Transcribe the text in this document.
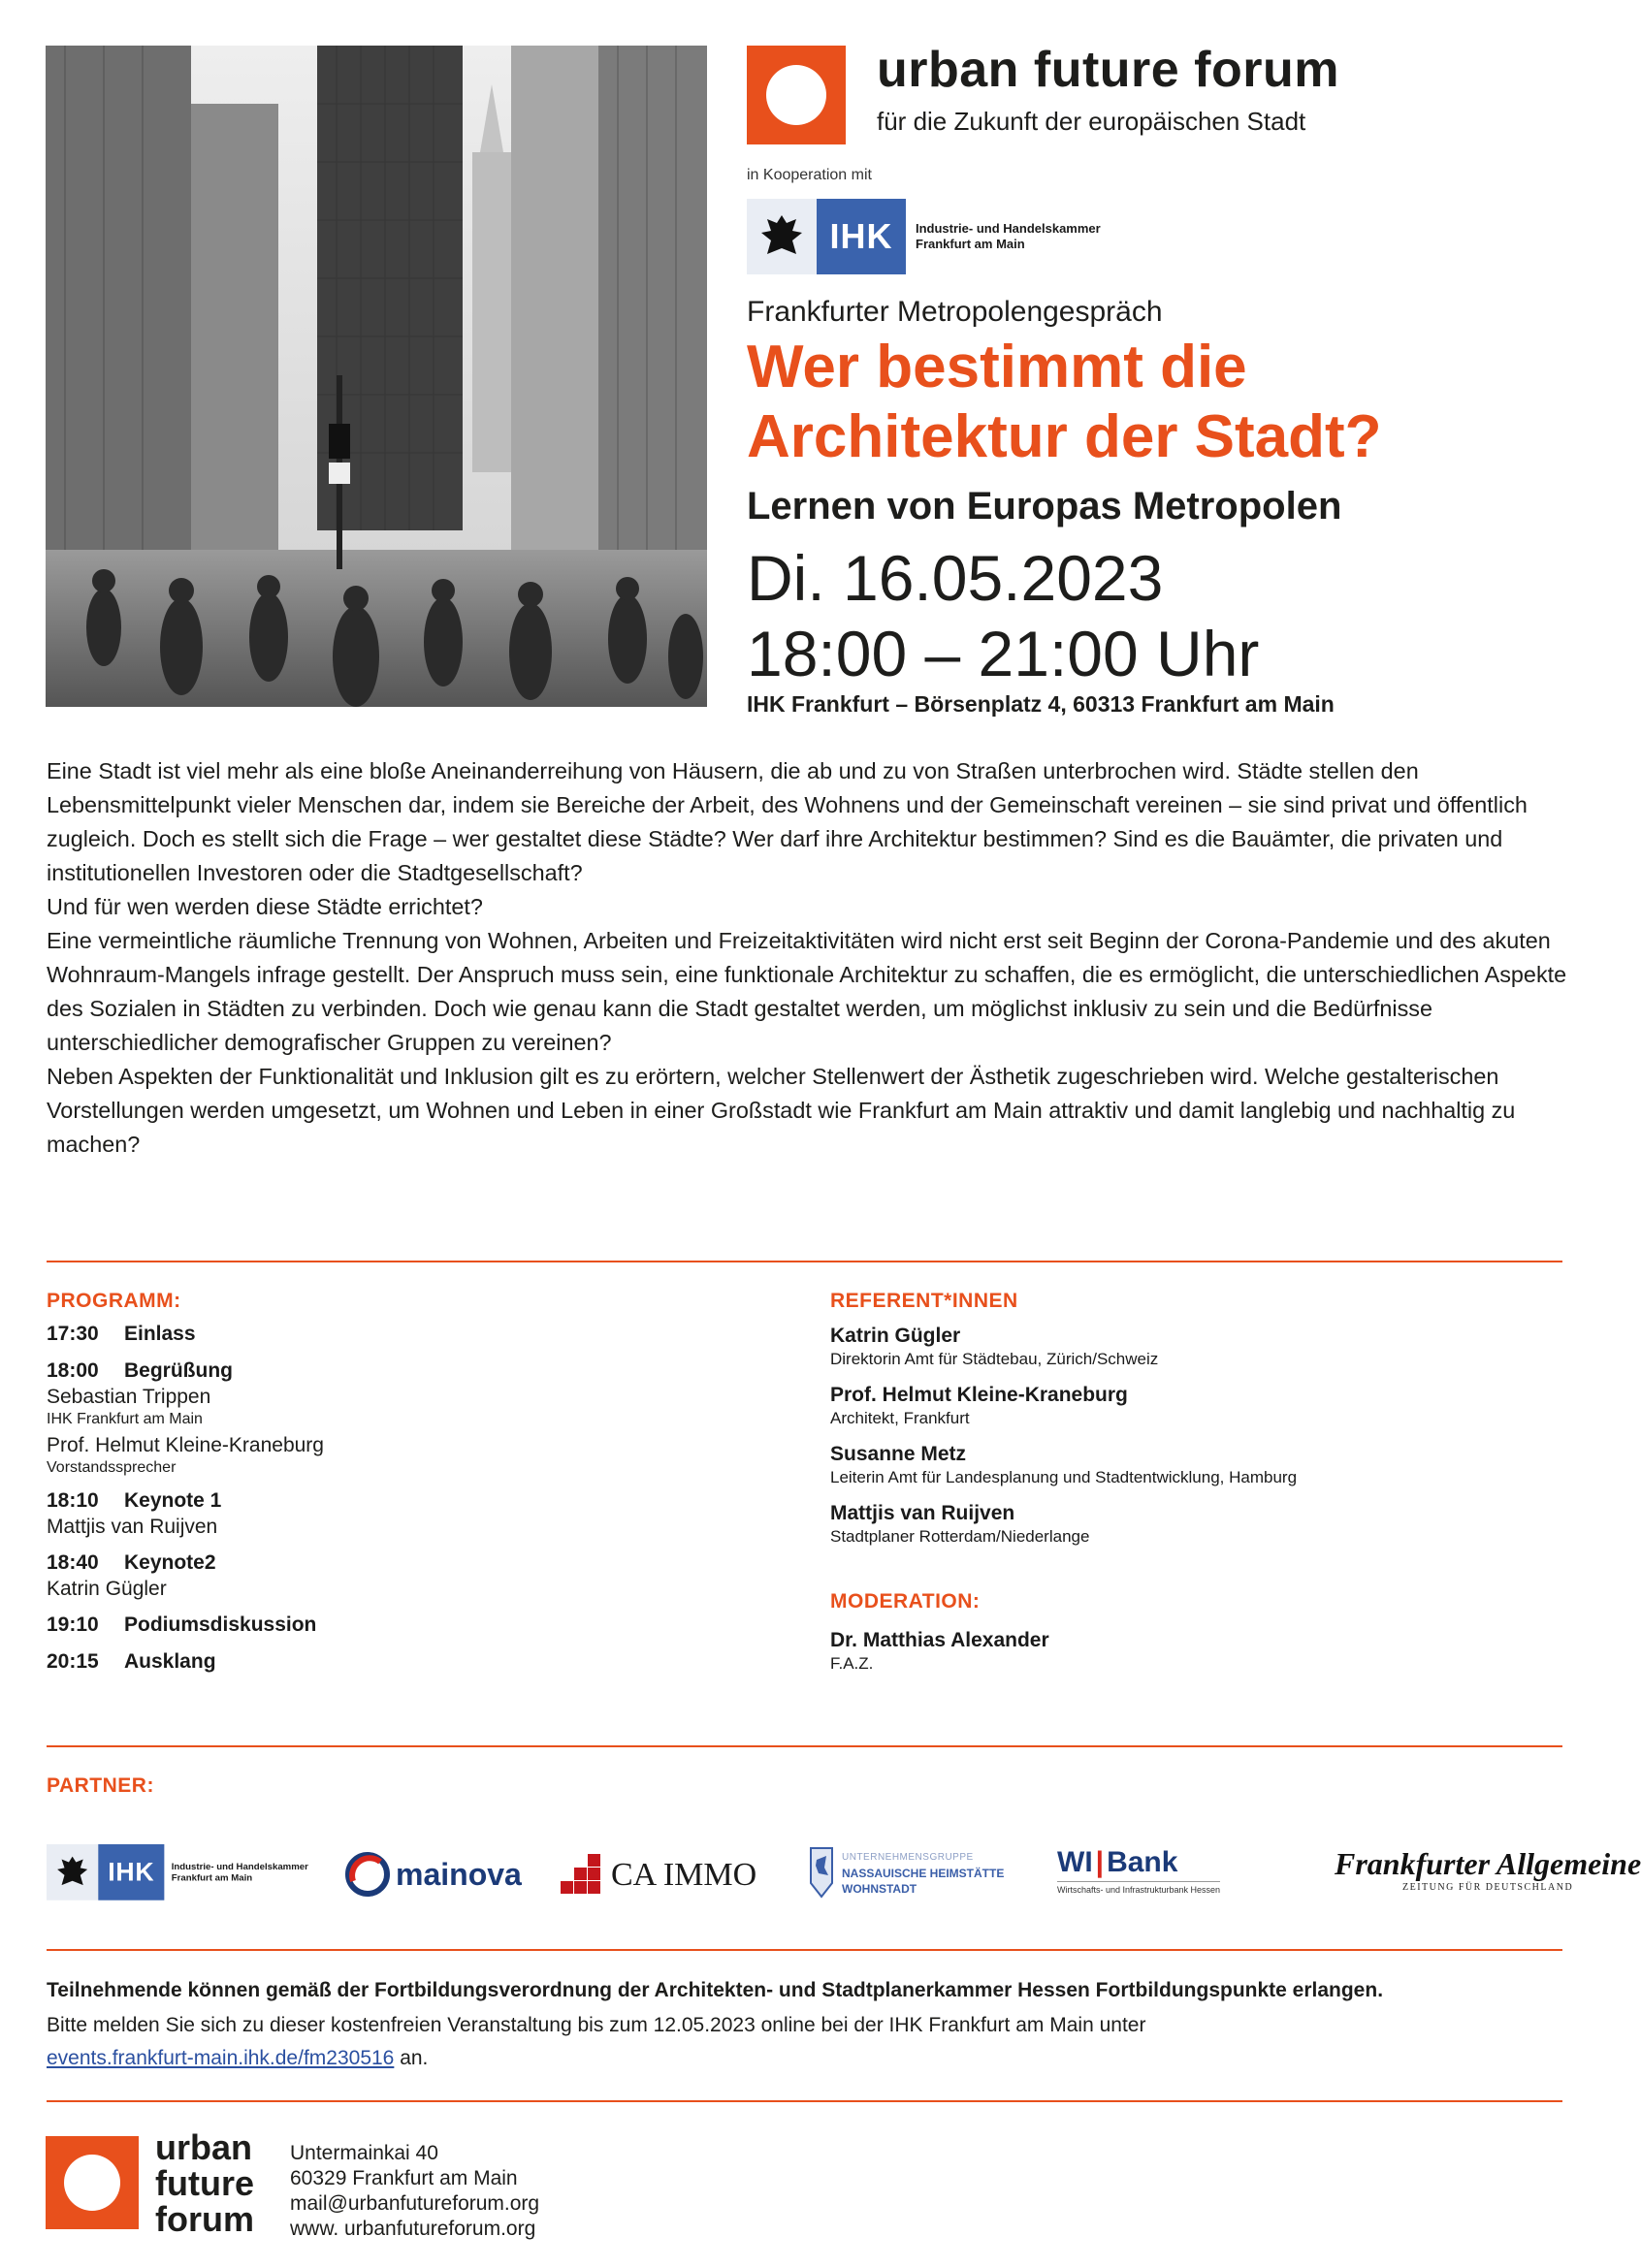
urban future forum
für die Zukunft der europäischen Stadt
in Kooperation mit
IHK	Industrie- und Handelskammer
Frankfurt am Main
Frankfurter Metropolengespräch
Wer bestimmt die
Architektur der Stadt?
Lernen von Europas Metropolen
Di. 16.05.2023
18:00 – 21:00 Uhr
IHK Frankfurt – Börsenplatz 4, 60313 Frankfurt am Main

Eine Stadt ist viel mehr als eine bloße Aneinanderreihung von Häusern, die ab und zu von Straßen unterbrochen wird. Städte stellen den Lebensmittelpunkt vieler Menschen dar, indem sie Bereiche der Arbeit, des Wohnens und der Gemeinschaft vereinen – sie sind privat und öffentlich zugleich. Doch es stellt sich die Frage – wer gestaltet diese Städte? Wer darf ihre Architektur bestimmen? Sind es die Bauämter, die privaten und institutionellen Investoren oder die Stadtgesellschaft?

Und für wen werden diese Städte errichtet?

Eine vermeintliche räumliche Trennung von Wohnen, Arbeiten und Freizeitaktivitäten wird nicht erst seit Beginn der Corona-Pandemie und des akuten Wohnraum-Mangels infrage gestellt. Der Anspruch muss sein, eine funktionale Architektur zu schaffen, die es ermöglicht, die unterschiedlichen Aspekte des Sozialen in Städten zu verbinden. Doch wie genau kann die Stadt gestaltet werden, um möglichst inklusiv zu sein und die Bedürfnisse unterschiedlicher demografischer Gruppen zu vereinen?

Neben Aspekten der Funktionalität und Inklusion gilt es zu erörtern, welcher Stellenwert der Ästhetik zugeschrieben wird. Welche gestalterischen Vorstellungen werden umgesetzt, um Wohnen und Leben in einer Großstadt wie Frankfurt am Main attraktiv und damit langlebig und nachhaltig zu machen?

PROGRAMM:
17:30 Einlass
18:00 Begrüßung
Sebastian Trippen
IHK Frankfurt am Main
Prof. Helmut Kleine-Kraneburg
Vorstandssprecher
18:10 Keynote 1
Mattjis van Ruijven
18:40 Keynote2
Katrin Gügler
19:10 Podiumsdiskussion
20:15 Ausklang
REFERENT*INNEN
Katrin Gügler
Direktorin Amt für Städtebau, Zürich/Schweiz
Prof. Helmut Kleine-Kraneburg
Architekt, Frankfurt
Susanne Metz
Leiterin Amt für Landesplanung und Stadtentwicklung, Hamburg
Mattjis van Ruijven
Stadtplaner Rotterdam/Niederlange
MODERATION:
Dr. Matthias Alexander
F.A.Z.
PARTNER:
IHK	Industrie- und Handelskammer
Frankfurt am Main	mainova	CA IMMO	UNTERNEHMENSGRUPPE
NASSAUISCHE HEIMSTÄTTE
WOHNSTADT
WI | Bank
Wirtschafts- und Infrastrukturbank Hessen
Frankfurter Allgemeine
ZEITUNG FÜR DEUTSCHLAND
Teilnehmende können gemäß der Fortbildungsverordnung der Architekten- und Stadtplanerkammer Hessen Fortbildungspunkte erlangen.
Bitte melden Sie sich zu dieser kostenfreien Veranstaltung bis zum 12.05.2023 online bei der IHK Frankfurt am Main unter
events.frankfurt-main.ihk.de/fm230516 an.
urban
future
forum
Untermainkai 40
60329 Frankfurt am Main
mail@urbanfutureforum.org
www. urbanfutureforum.org
